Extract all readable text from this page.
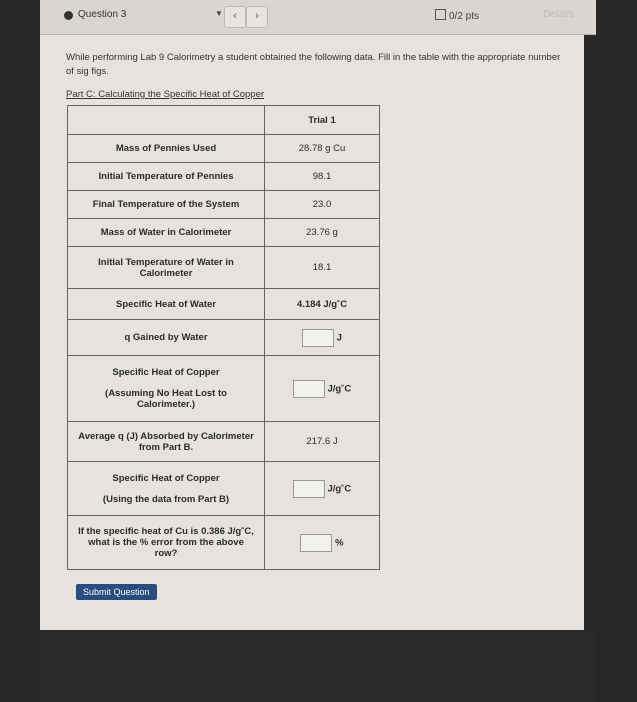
Question 3	▼ ‹	›	0/2 pts	Details
While performing Lab 9 Calorimetry a student obtained the following data. Fill in the table with the appropriate number of sig figs.
Part C: Calculating the Specific Heat of Copper
	Trial 1
Mass of Pennies Used	28.78 g Cu
Initial Temperature of Pennies	98.1
Final Temperature of the System	23.0
Mass of Water in Calorimeter	23.76 g
Initial Temperature of Water in Calorimeter	18.1
Specific Heat of Water	4.184 J/g˚C
q Gained by Water	J

Specific Heat of Copper
(Assuming No Heat Lost to Calorimeter.)	J/g˚C
Average q (J) Absorbed by Calorimeter from Part B.	217.6 J

Specific Heat of Copper
(Using the data from Part B)	J/g˚C
If the specific heat of Cu is 0.386 J/g˚C, what is the % error from the above row?	%
Submit Question
